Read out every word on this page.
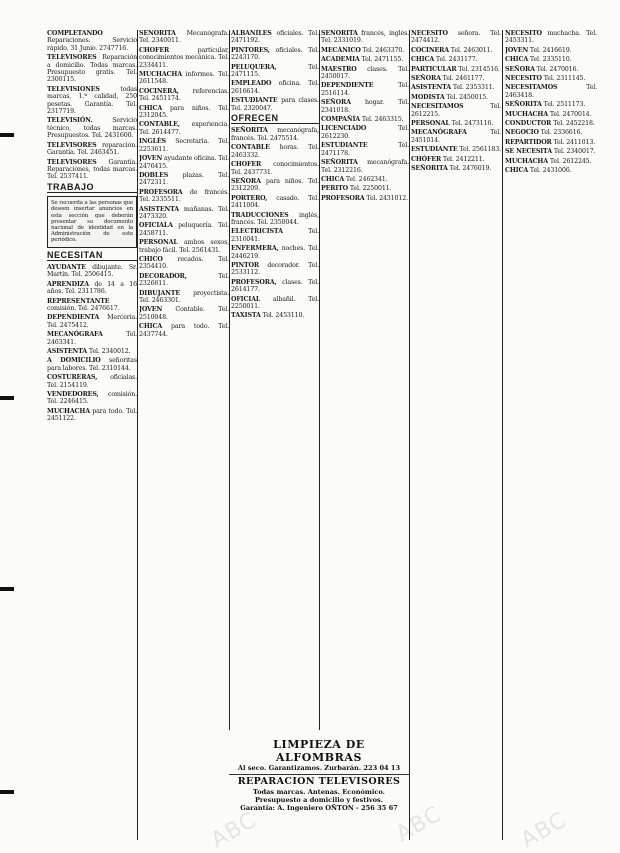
COMPLETANDO Reparaciones. Servicio rápido. 31 Junio. 2747716.

TELEVISORES Reparación a domicilio. Todas marcas. Presupuesto gratis. Tel. 2300115.

TELEVISIONES	todas marcas, 1.ª calidad, 250 pesetas. Garantía. Tel. 2317719.

TELEVISIÓN.	Servicio técnico, todas marcas. Presupuestos. Tel. 2431600.

TELEVISORES reparación. Garantía. Tel. 2463451.

TELEVISORES Garantía. Reparaciones, todas marcas. Tel. 2537411.

TRABAJO
Se recuerda a las personas que deseen insertar anuncios en esta sección que deberán presentar su documento nacional de identidad en la Administración de este periódico.
NECESITAN

AYUDANTE dibujante. Sr. Martín. Tel. 2506415.

APRENDIZA de 14 a 16 años. Tel. 2311786.

REPRESENTANTE comisión. Tel. 2476617.

DEPENDIENTA Mercería. Tel. 2475412.

MECANÓGRAFA	Tel. 2463341.

ASISTENTA Tel. 2340012.

A DOMICILIO señoritas para labores. Tel. 2310144.

COSTURERAS, oficialas. Tel. 2154119.

VENDEDORES, comisión. Tel. 2246415.

MUCHACHA para todo. Tel. 2451122.

SEÑORITA Mecanógrafa. Tel. 2340011.

CHOFER	particular, conocimientos mecánica. Tel. 2334411.

MUCHACHA informes. Tel. 2611548.

COCINERA, referencias. Tel. 2451174.

CHICA para niños. Tel. 2312045.

CONTABLE, experiencia. Tel. 2614477.

INGLÉS Secretaria. Tel. 2253611.

JOVEN ayudante oficina. Tel. 2476415.

DOBLES plazas. Tel. 2472311.

PROFESORA de francés. Tel. 2335511.

ASISTENTA mañanas. Tel. 2473320.

OFICIALA peluquería. Tel. 2458711.

PERSONAL ambos sexos, trabajo fácil. Tel. 2561431.

CHICO recados. Tel. 2354410.

DECORADOR,	Tel. 2326611.

DIBUJANTE proyectista. Tel. 2463301.

JOVEN Contable. Tel. 2510048.

CHICA para todo. Tel. 2437744.

ALBAÑILES oficiales. Tel. 2471192.

PINTORES, oficiales. Tel. 2243170.

PELUQUERA,	Tel. 2471115.

EMPLEADO oficina. Tel. 2616614.

ESTUDIANTE para clases. Tel. 2320047.

OFRECEN

SEÑORITA mecanógrafa, francés. Tel. 2475514.

CONTABLE horas. Tel. 2463332.

CHOFER conocimientos. Tel. 2437731.

SEÑORA para niños. Tel. 2312209.

PORTERO, casado. Tel. 2411004.

TRADUCCIONES inglés, francés. Tel. 2350044.

ELECTRICISTA	Tel. 2316041.

ENFERMERA, noches. Tel. 2446219.

PINTOR decorador. Tel. 2533112.

PROFESORA, clases. Tel. 2614177.

OFICIAL albañil. Tel. 2250011.

TAXISTA Tel. 2453110.

SEÑORITA francés, inglés. Tel. 2331019.

MECÁNICO Tel. 2463370.

ACADEMIA Tel. 2471155.

MAESTRO clases. Tel. 2450017.

DEPENDIENTE	Tel. 2516114.

SEÑORA hogar. Tel. 2341018.

COMPAÑÍA Tel. 2463315.

LICENCIADO	Tel. 2612230.

ESTUDIANTE	Tel. 2471178.

SEÑORITA mecanógrafa. Tel. 2312216.

CHICA Tel. 2462341.

PERITO Tel. 2250011.

PROFESORA Tel. 2431012.

NECESITO señora. Tel. 2474412.

COCINERA Tel. 2463011.

CHICA Tel. 2431177.

PARTICULAR Tel. 2314516.

SEÑORA Tel. 2461177.

ASISTENTA Tel. 2353311.

MODISTA Tel. 2450015.

NECESITAMOS	Tel. 2612215.

PERSONAL Tel. 2473116.

MECANÓGRAFA	Tel. 2451014.

ESTUDIANTE Tel. 2561183.

CHÓFER Tel. 2412211.

SEÑORITA Tel. 2476019.

NECESITO muchacha. Tel. 2453311.

JOVEN Tel. 2416619.

CHICA Tel. 2335110.

SEÑORA Tel. 2470016.

NECESITO Tel. 2311145.

NECESITAMOS	Tel. 2463418.

SEÑORITA Tel. 2511173.

MUCHACHA Tel. 2470014.

CONDUCTOR Tel. 2452218.

NEGOCIO Tel. 2336616.

REPARTIDOR Tel. 2411013.

SE NECESITA Tel. 2340017.

MUCHACHA Tel. 2612245.

CHICA Tel. 2431006.

LIMPIEZA DE ALFOMBRAS
Al seco. Garantizamos. Zurbarán. 223 04 13
REPARACION TELEVISORES
Todas marcas. Antenas. Económico.
Presupuesto a domicilio y festivos.
Garantía: A. Ingeniero OÑTON - 256 35 67
ABC	ABC	ABC
